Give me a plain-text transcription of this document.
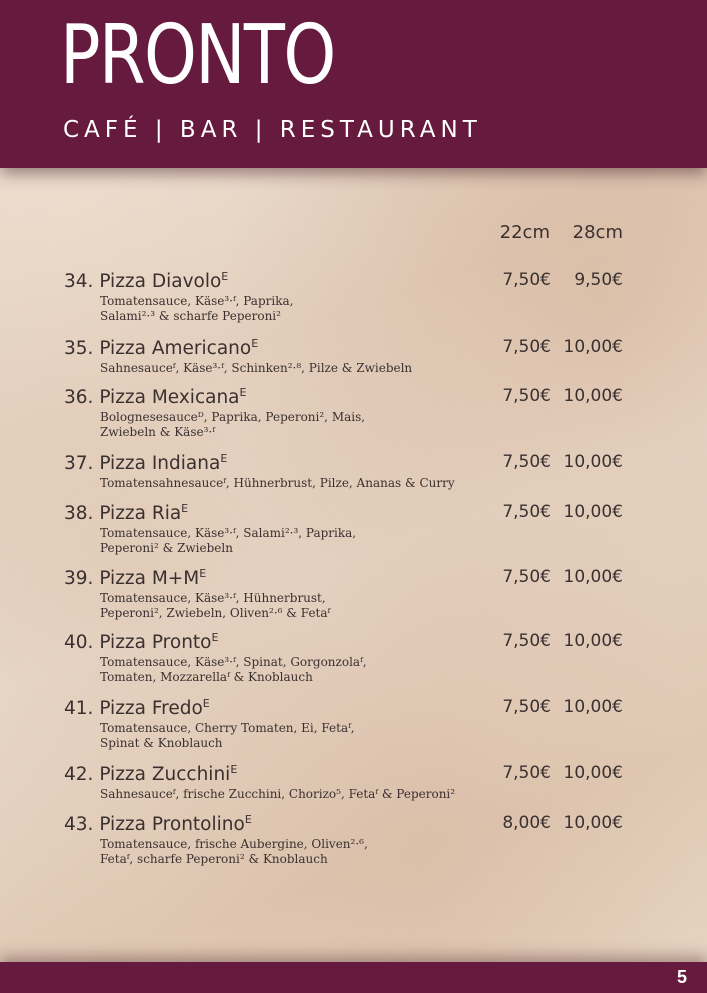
PRONTO
CAFÉ | BAR | RESTAURANT
22cm 28cm
34. Pizza Diavolo$^E$
Tomatensauce, Käse³·ᶠ, Paprika,
Salami²·³ & scharfe Peperoni²
7,50€ 9,50€
35. Pizza Americano$^E$
Sahnesauceᶠ, Käse³·ᶠ, Schinken²·⁸, Pilze & Zwiebeln
7,50€ 10,00€
36. Pizza Mexicana$^E$
Bolognesesauceᴰ, Paprika, Peperoni², Mais,
Zwiebeln & Käse³·ᶠ
7,50€ 10,00€
37. Pizza Indiana$^E$
Tomatensahnesauceᶠ, Hühnerbrust, Pilze, Ananas & Curry
7,50€ 10,00€
38. Pizza Ria$^E$
Tomatensauce, Käse³·ᶠ, Salami²·³, Paprika,
Peperoni² & Zwiebeln
7,50€ 10,00€
39. Pizza $M+M^E$
Tomatensauce, Käse³·ᶠ, Hühnerbrust,
Peperoni², Zwiebeln, Oliven²·⁶ & Fetaᶠ
7,50€ 10,00€
40. Pizza Pronto$^E$
Tomatensauce, Käse³·ᶠ, Spinat, Gorgonzolaᶠ,
Tomaten, Mozzarellaᶠ & Knoblauch
7,50€ 10,00€
41. Pizza Fredo$^E$
Tomatensauce, Cherry Tomaten, Ei, Fetaᶠ,
Spinat & Knoblauch
7,50€ 10,00€
42. Pizza Zucchini$^E$
Sahnesauceᶠ, frische Zucchini, Chorizo⁵, Fetaᶠ & Peperoni²
7,50€ 10,00€
43. Pizza Prontolino$^E$
Tomatensauce, frische Aubergine, Oliven²·⁶,
Fetaᶠ, scharfe Peperoni² & Knoblauch
8,00€ 10,00€
5
